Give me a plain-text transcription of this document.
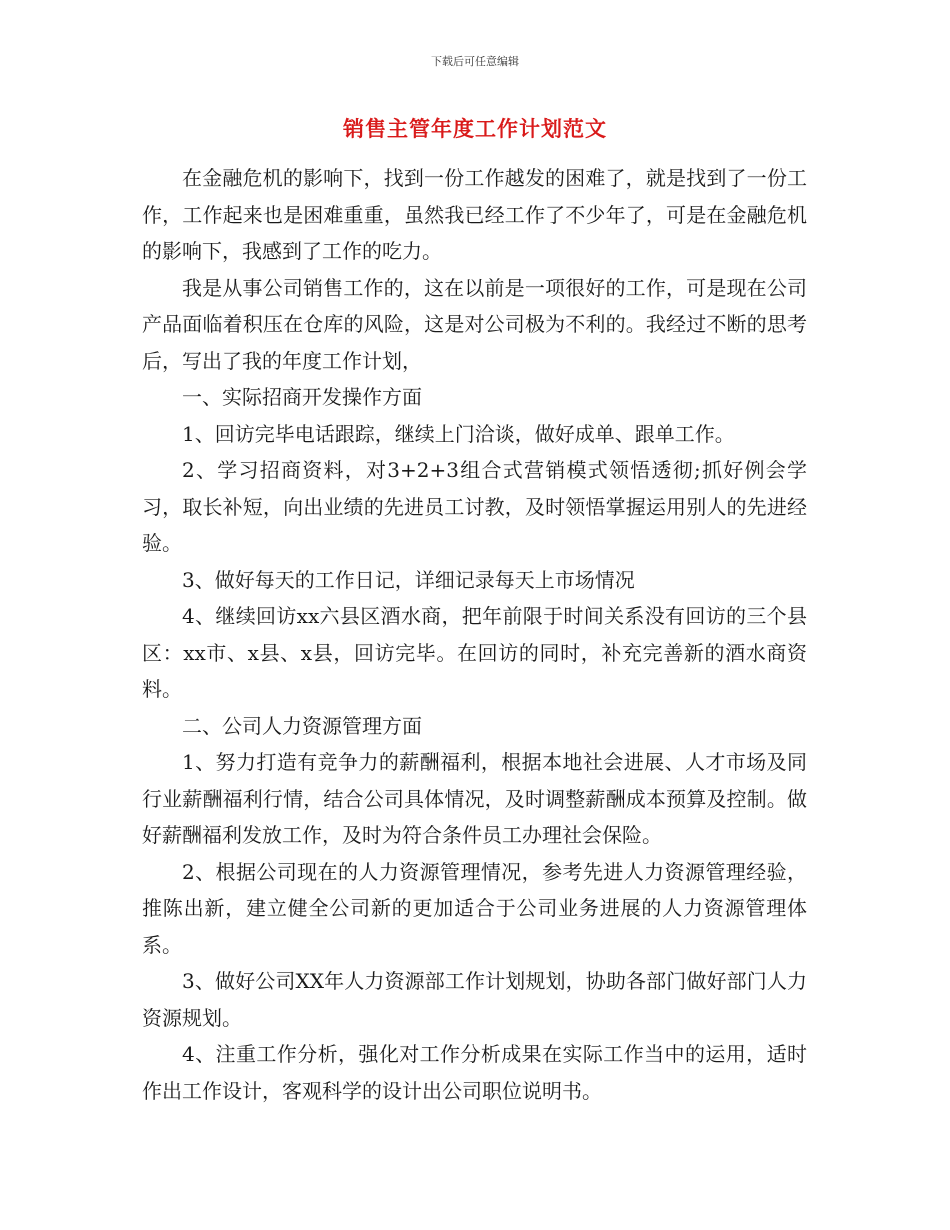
下载后可任意编辑
销售主管年度工作计划范文

在金融危机的影响下，找到一份工作越发的困难了，就是找到了一份工作，工作起来也是困难重重，虽然我已经工作了不少年了，可是在金融危机的影响下，我感到了工作的吃力。

我是从事公司销售工作的，这在以前是一项很好的工作，可是现在公司产品面临着积压在仓库的风险，这是对公司极为不利的。我经过不断的思考后，写出了我的年度工作计划，

一、实际招商开发操作方面

1、回访完毕电话跟踪，继续上门洽谈，做好成单、跟单工作。

2、学习招商资料，对3+2+3组合式营销模式领悟透彻;抓好例会学习，取长补短，向出业绩的先进员工讨教，及时领悟掌握运用别人的先进经验。

3、做好每天的工作日记，详细记录每天上市场情况

4、继续回访xx六县区酒水商，把年前限于时间关系没有回访的三个县区：xx市、x县、x县，回访完毕。在回访的同时，补充完善新的酒水商资料。

二、公司人力资源管理方面

1、努力打造有竞争力的薪酬福利，根据本地社会进展、人才市场及同行业薪酬福利行情，结合公司具体情况，及时调整薪酬成本预算及控制。做好薪酬福利发放工作，及时为符合条件员工办理社会保险。

2、根据公司现在的人力资源管理情况，参考先进人力资源管理经验，推陈出新，建立健全公司新的更加适合于公司业务进展的人力资源管理体系。

3、做好公司XX年人力资源部工作计划规划，协助各部门做好部门人力资源规划。

4、注重工作分析，强化对工作分析成果在实际工作当中的运用，适时作出工作设计，客观科学的设计出公司职位说明书。
